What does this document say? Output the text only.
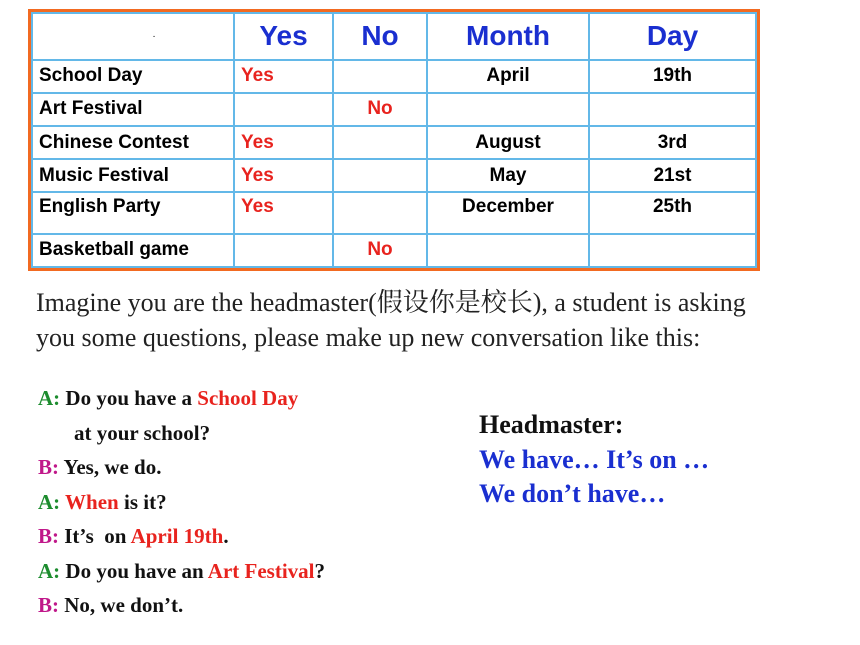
·	Yes	No	Month	Day
School Day	Yes		April	19th
Art Festival		No		
Chinese Contest	Yes		August	3rd
Music Festival	Yes		May	21st
English Party	Yes		December	25th
Basketball game		No		
Imagine you are the headmaster(假设你是校长), a student is asking
you some questions, please make up new conversation like this:
A: Do you have a School Day
at your school?
B: Yes, we do.
A: When is it?
B: It’s  on April 19th.
A: Do you have an Art Festival?
B: No, we don’t.
Headmaster:
We have… It’s on …
We don’t have…
